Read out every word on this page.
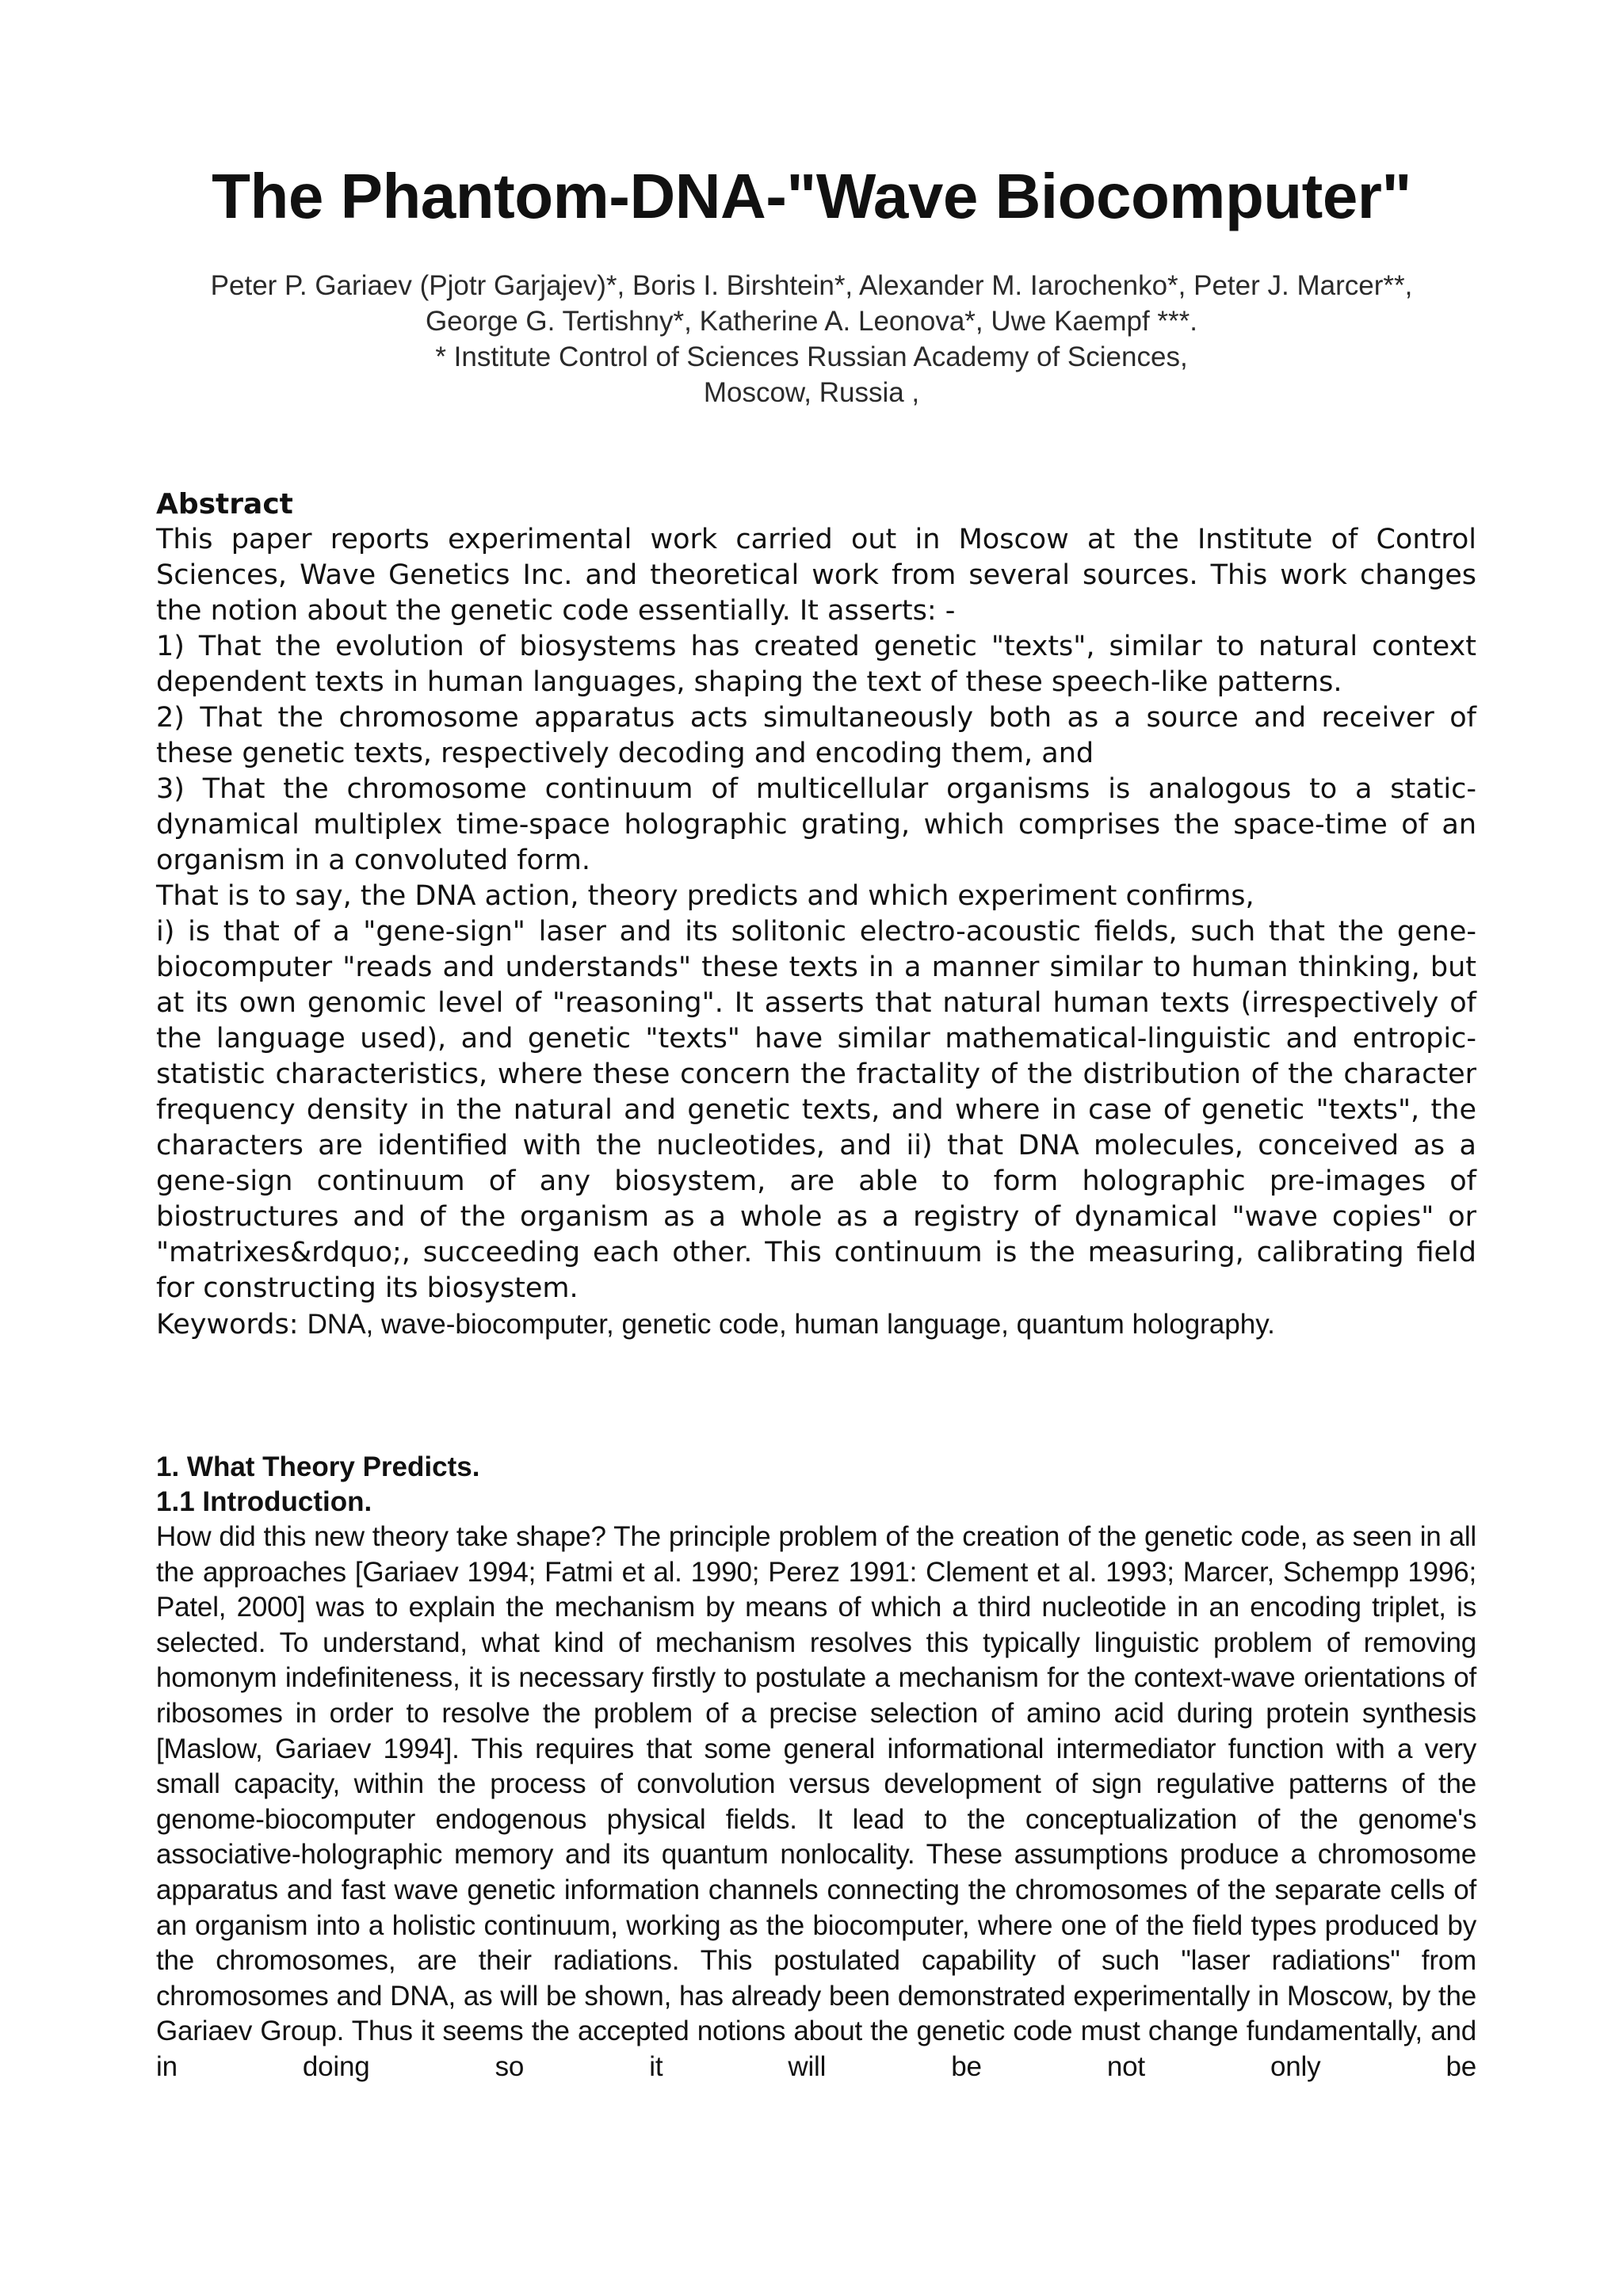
The Phantom-DNA-"Wave Biocomputer"
Peter P. Gariaev (Pjotr Garjajev)*, Boris I. Birshtein*, Alexander M. Iarochenko*, Peter J. Marcer**,
George G. Tertishny*, Katherine A. Leonova*, Uwe Kaempf ***.
* Institute Control of Sciences Russian Academy of Sciences,
Moscow, Russia ,
Abstract

This paper reports experimental work carried out in Moscow at the Institute of Control Sciences, Wave Genetics Inc. and theoretical work from several sources. This work changes the notion about the genetic code essentially. It asserts: -

1) That the evolution of biosystems has created genetic "texts", similar to natural context dependent texts in human languages, shaping the text of these speech-like patterns.

2) That the chromosome apparatus acts simultaneously both as a source and receiver of these genetic texts, respectively decoding and encoding them, and

3) That the chromosome continuum of multicellular organisms is analogous to a static-dynamical multiplex time-space holographic grating, which comprises the space-time of an organism in a convoluted form.

That is to say, the DNA action, theory predicts and which experiment confirms,

i) is that of a "gene-sign" laser and its solitonic electro-acoustic fields, such that the gene-biocomputer "reads and understands" these texts in a manner similar to human thinking, but at its own genomic level of "reasoning". It asserts that natural human texts (irrespectively of the language used), and genetic "texts" have similar mathematical-linguistic and entropic-statistic characteristics, where these concern the fractality of the distribution of the character frequency density in the natural and genetic texts, and where in case of genetic "texts", the characters are identified with the nucleotides, and ii) that DNA molecules, conceived as a gene-sign continuum of any biosystem, are able to form holographic pre-images of biostructures and of the organism as a whole as a registry of dynamical "wave copies" or "matrixes&rdquo;, succeeding each other. This continuum is the measuring, calibrating field for constructing its biosystem.

Keywords: DNA, wave-biocomputer, genetic code, human language, quantum holography.
1. What Theory Predicts.
1.1 Introduction.

How did this new theory take shape? The principle problem of the creation of the genetic code, as seen in all the approaches [Gariaev 1994; Fatmi et al. 1990; Perez 1991: Clement et al. 1993; Marcer, Schempp 1996; Patel, 2000] was to explain the mechanism by means of which a third nucleotide in an encoding triplet, is selected. To understand, what kind of mechanism resolves this typically linguistic problem of removing homonym indefiniteness, it is necessary firstly to postulate a mechanism for the context-wave orientations of ribosomes in order to resolve the problem of a precise selection of amino acid during protein synthesis [Maslow, Gariaev 1994]. This requires that some general informational intermediator function with a very small capacity, within the process of convolution versus development of sign regulative patterns of the genome-biocomputer endogenous physical fields. It lead to the conceptualization of the genome's associative-holographic memory and its quantum nonlocality. These assumptions produce a chromosome apparatus and fast wave genetic information channels connecting the chromosomes of the separate cells of an organism into a holistic continuum, working as the biocomputer, where one of the field types produced by the chromosomes, are their radiations. This postulated capability of such "laser radiations" from chromosomes and DNA, as will be shown, has already been demonstrated experimentally in Moscow, by the Gariaev Group. Thus it seems the accepted notions about the genetic code must change fundamentally, and in doing so it will be not only be
